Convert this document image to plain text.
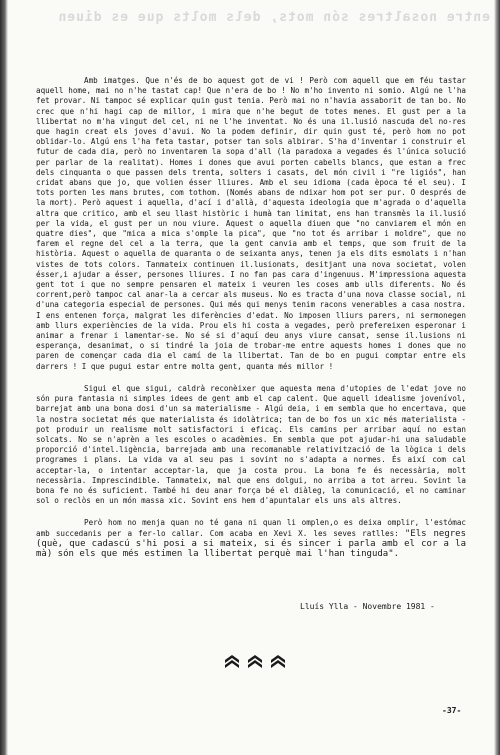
entre nosaltres són mots, dels molts que es diuen

Amb imatges. Que n'és de bo aquest got de vi ! Però com aquell que em féu tastar aquell home, mai no n'he tastat cap! Que n'era de bo ! No m'ho invento ni somio. Algú ne l'ha fet provar. Ni tampoc sé explicar quin gust tenia. Però mai no n'havia assaborit de tan bo. No crec que n'hi hagi cap de millor, i mira que n'he begut de totes menes. El gust per a la llibertat no m'ha vingut del cel, ni ne l'he inventat. No és una il.lusió nascuda del no-res que hagin creat els joves d'avui. No la podem definir, dir quin gust té, però hom no pot oblidar-lo. Algú ens l'ha feta tastar, potser tan sols albirar. S'ha d'inventar i construir el futur de cada dia, però no inventarem la sopa d'all (la paradoxa a vegades és l'única solució per parlar de la realitat). Homes i dones que avui porten cabells blancs, que estan a frec dels cinquanta o que passen dels trenta, solters i casats, del món civil i "re ligiós", han cridat abans que jo, que volien ésser lliures. Amb el seu idioma (cada època té el seu). I tots porten les mans brutes, com tothom. (Només abans de ndixar hom pot ser pur. O després de la mort). Però aquest i aquella, d'ací i d'allà, d'aquesta ideologia que m'agrada o d'aquella altra que critico, amb el seu llast històric i humà tan limitat, ens han transmès la il.lusió per la vida, el gust per un nou viure. Aquest o aquella diuen que "no canviarem el món en quatre dies", que "mica a mica s'omple la pica", que "no tot és arribar i moldre", que no farem el regne del cel a la terra, que la gent canvia amb el temps, que som fruit de la història. Aquest o aquella de quaranta o de seixanta anys, tenen ja els dits esmolats i n'han vistes de tots colors. Tanmateix continuen il.lusionats, desitjant una nova societat, volen ésser,i ajudar a ésser, persones lliures. I no fan pas cara d'ingenuus. M'impressiona aquesta gent tot i que no sempre pensaren el mateix i veuren les coses amb ulls diferents. No és corrent,però tampoc cal anar-la a cercar als museus. No es tracta d'una nova classe social, ni d'una categoria especial de persones. Qui més qui menys tenim racons venerables a casa nostra. I ens entenen força, malgrat les diferències d'edat. No imposen lliurs parers, ni sermonegen amb llurs experiències de la vida. Prou els hi costa a vegades, però prefereixen esperonar i animar a frenar i lamentar-se. No sé si d'aquí deu anys viure cansat, sense il.lusions ni esperança, desanimat, o si tindré la joia de trobar-me entre aquests homes i dones que no paren de començar cada dia el camí de la llibertat. Tan de bo en pugui comptar entre els darrers ! I que pugui estar entre molta gent, quanta més millor !

Sigui el que sigui, caldrà reconèixer que aquesta mena d'utopies de l'edat jove no són pura fantasia ni simples idees de gent amb el cap calent. Que aquell idealisme jovenívol, barrejat amb una bona dosi d'un sa materialisme - Algú deia, i em sembla que ho encertava, que la nostra societat més que materialista és idolàtrica; tan de bo fos un xic més materialista - pot produir un realisme molt satisfactori i eficaç. Els camins per arribar aquí no estan solcats. No se n'aprèn a les escoles o acadèmies. Em sembla que pot ajudar-hi una saludable proporció d'intel.ligència, barrejada amb una recomanable relativització de la lògica i dels programes i plans. La vida va al seu pas i sovint no s'adapta a normes. És així com cal acceptar-la, o intentar acceptar-la, que ja costa prou. La bona fe és necessària, molt necessària. Imprescindible. Tanmateix, mal que ens dolgui, no arriba a tot arreu. Sovint la bona fe no és suficient. També hi deu anar força bé el diàleg, la comunicació, el no caminar sol o reclòs en un món massa xic. Sovint ens hem d'apuntalar els uns als altres.

Però hom no menja quan no té gana ni quan li omplen,o es deixa omplir, l'estómac amb succedanis per a fer-lo callar. Com acaba en Xevi X. les seves ratlles: "Els negres (què, que cadascú s'hi posi a si mateix, si és sincer i parla amb el cor a la mà) són els que més estimen la llibertat perquè mai l'han tinguda".

Lluís Ylla - Novembre 1981 -
-37-
